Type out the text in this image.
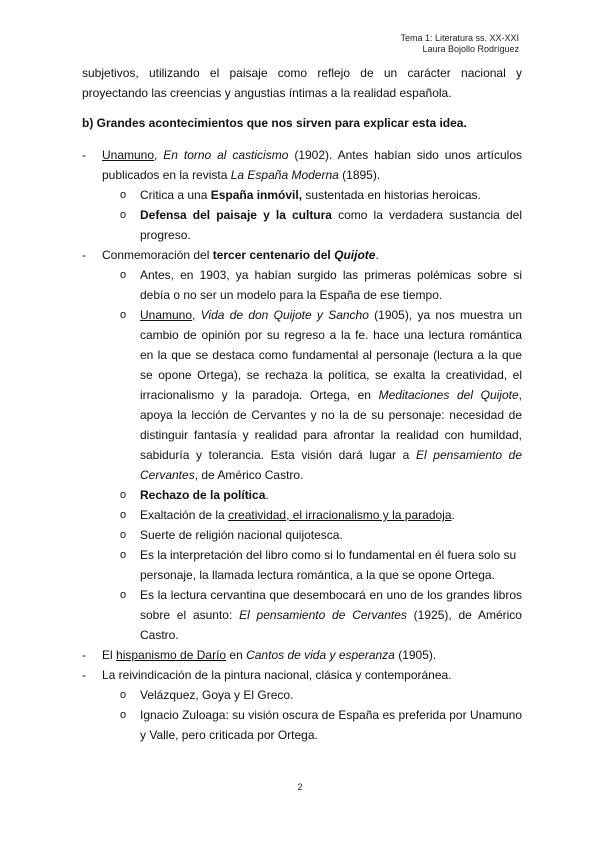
Tema 1: Literatura ss. XX-XXI
Laura Bojollo Rodríguez

subjetivos, utilizando el paisaje como reflejo de un carácter nacional y proyectando las creencias y angustias íntimas a la realidad española.

b) Grandes acontecimientos que nos sirven para explicar esta idea.

- Unamuno, En torno al casticismo (1902). Antes habían sido unos artículos publicados en la revista La España Moderna (1895).

o Critica a una España inmóvil, sustentada en historias heroicas.

o Defensa del paisaje y la cultura como la verdadera sustancia del progreso.

- Conmemoración del tercer centenario del Quijote.

o Antes, en 1903, ya habían surgido las primeras polémicas sobre si debía o no ser un modelo para la España de ese tiempo.

o Unamuno, Vida de don Quijote y Sancho (1905), ya nos muestra un cambio de opinión por su regreso a la fe. hace una lectura romántica en la que se destaca como fundamental al personaje (lectura a la que se opone Ortega), se rechaza la política, se exalta la creatividad, el irracionalismo y la paradoja. Ortega, en Meditaciones del Quijote, apoya la lección de Cervantes y no la de su personaje: necesidad de distinguir fantasía y realidad para afrontar la realidad con humildad, sabiduría y tolerancia. Esta visión dará lugar a El pensamiento de Cervantes, de Américo Castro.

o Rechazo de la política.

o Exaltación de la creatividad, el irracionalismo y la paradoja.

o Suerte de religión nacional quijotesca.

o Es la interpretación del libro como si lo fundamental en él fuera solo su personaje, la llamada lectura romántica, a la que se opone Ortega.

o Es la lectura cervantina que desembocará en uno de los grandes libros sobre el asunto: El pensamiento de Cervantes (1925), de Américo Castro.

- El hispanismo de Darío en Cantos de vida y esperanza (1905).

- La reivindicación de la pintura nacional, clásica y contemporánea.

o Velázquez, Goya y El Greco.

o Ignacio Zuloaga: su visión oscura de España es preferida por Unamuno y Valle, pero criticada por Ortega.

2
